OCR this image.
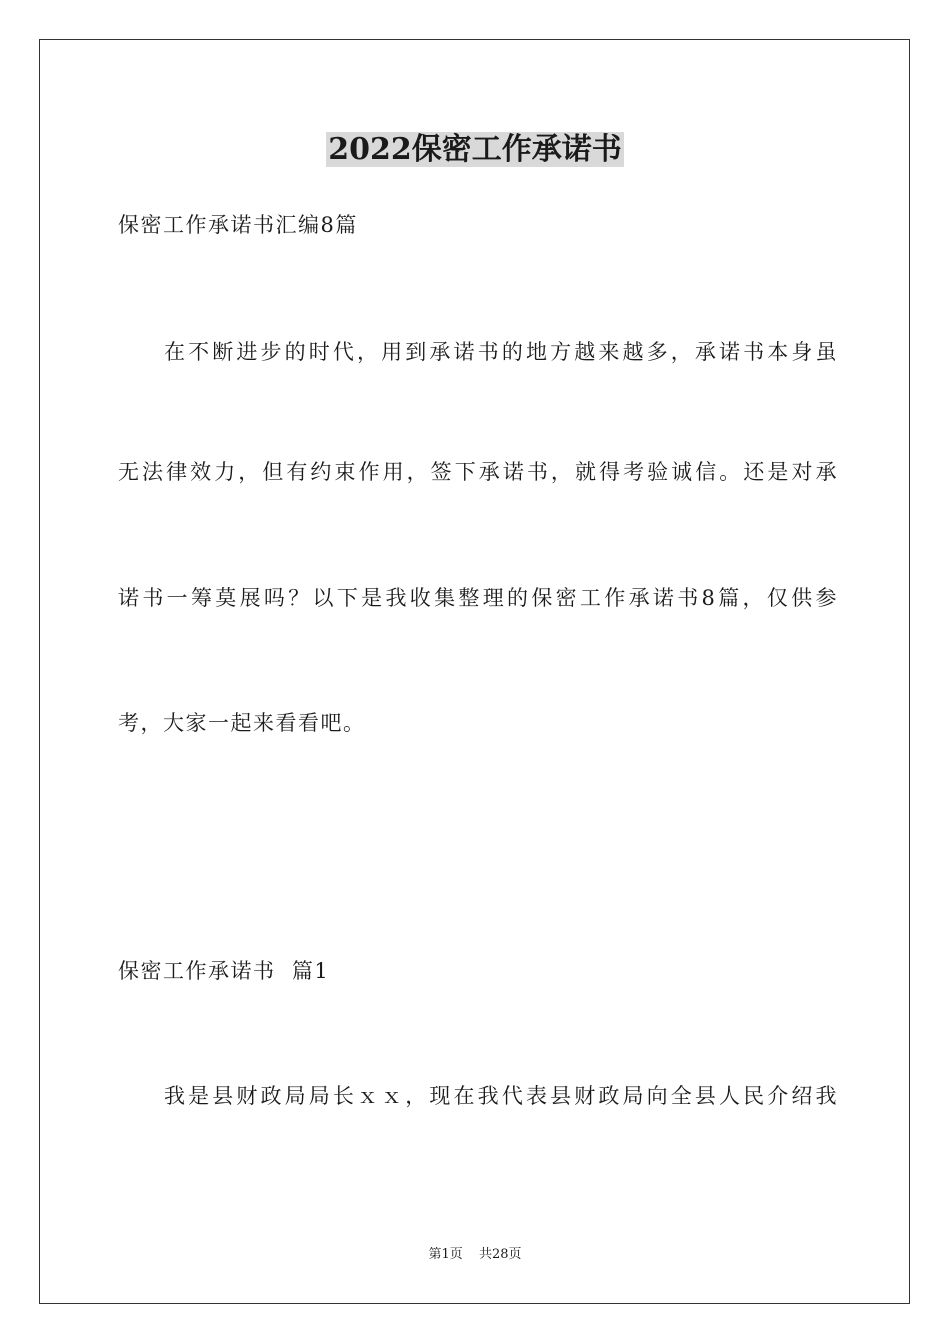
2022保密工作承诺书

保密工作承诺书汇编8篇

在不断进步的时代，用到承诺书的地方越来越多，承诺书本身虽

无法律效力，但有约束作用，签下承诺书，就得考验诚信。还是对承

诺书一筹莫展吗？以下是我收集整理的保密工作承诺书8篇，仅供参

考，大家一起来看看吧。

保密工作承诺书  篇1

我是县财政局局长ｘｘ，现在我代表县财政局向全县人民介绍我

第1页 共28页
